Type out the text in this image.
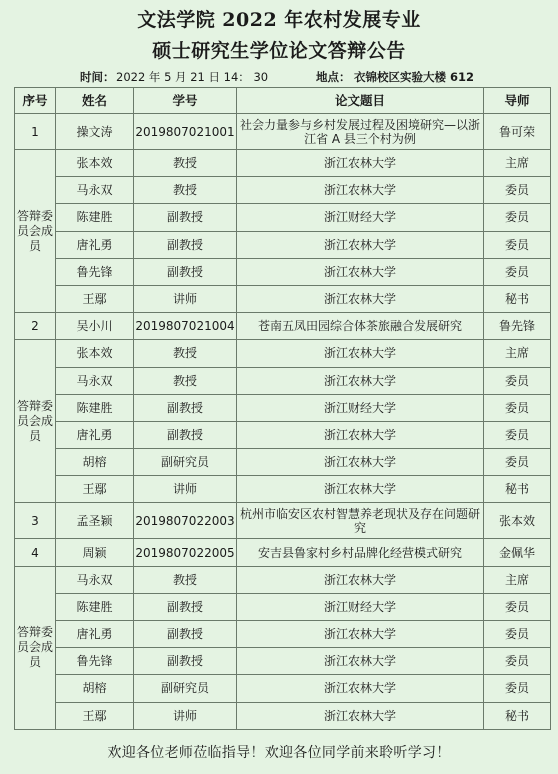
文法学院 2022 年农村发展专业
硕士研究生学位论文答辩公告
时间： 2022 年 5 月 21 日 14： 30	地点： 衣锦校区实验大楼 612
序号	姓名	学号	论文题目	导师
1	操文涛	2019807021001	社会力量参与乡村发展过程及困境研究—以浙江省 A 县三个村为例	鲁可荣
答辩委员会成员	张本效	教授	浙江农林大学	主席
	马永双	教授	浙江农林大学	委员
	陈建胜	副教授	浙江财经大学	委员
	唐礼勇	副教授	浙江农林大学	委员
	鲁先锋	副教授	浙江农林大学	委员
	王鄢	讲师	浙江农林大学	秘书
2	吴小川	2019807021004	苍南五凤田园综合体茶旅融合发展研究	鲁先锋
答辩委员会成员	张本效	教授	浙江农林大学	主席
	马永双	教授	浙江农林大学	委员
	陈建胜	副教授	浙江财经大学	委员
	唐礼勇	副教授	浙江农林大学	委员
	胡榕	副研究员	浙江农林大学	委员
	王鄢	讲师	浙江农林大学	秘书
3	孟圣颖	2019807022003	杭州市临安区农村智慧养老现状及存在问题研究	张本效
4	周颖	2019807022005	安吉县鲁家村乡村品牌化经营模式研究	金佩华
答辩委员会成员	马永双	教授	浙江农林大学	主席
	陈建胜	副教授	浙江财经大学	委员
	唐礼勇	副教授	浙江农林大学	委员
	鲁先锋	副教授	浙江农林大学	委员
	胡榕	副研究员	浙江农林大学	委员
	王鄢	讲师	浙江农林大学	秘书
欢迎各位老师莅临指导！欢迎各位同学前来聆听学习！
